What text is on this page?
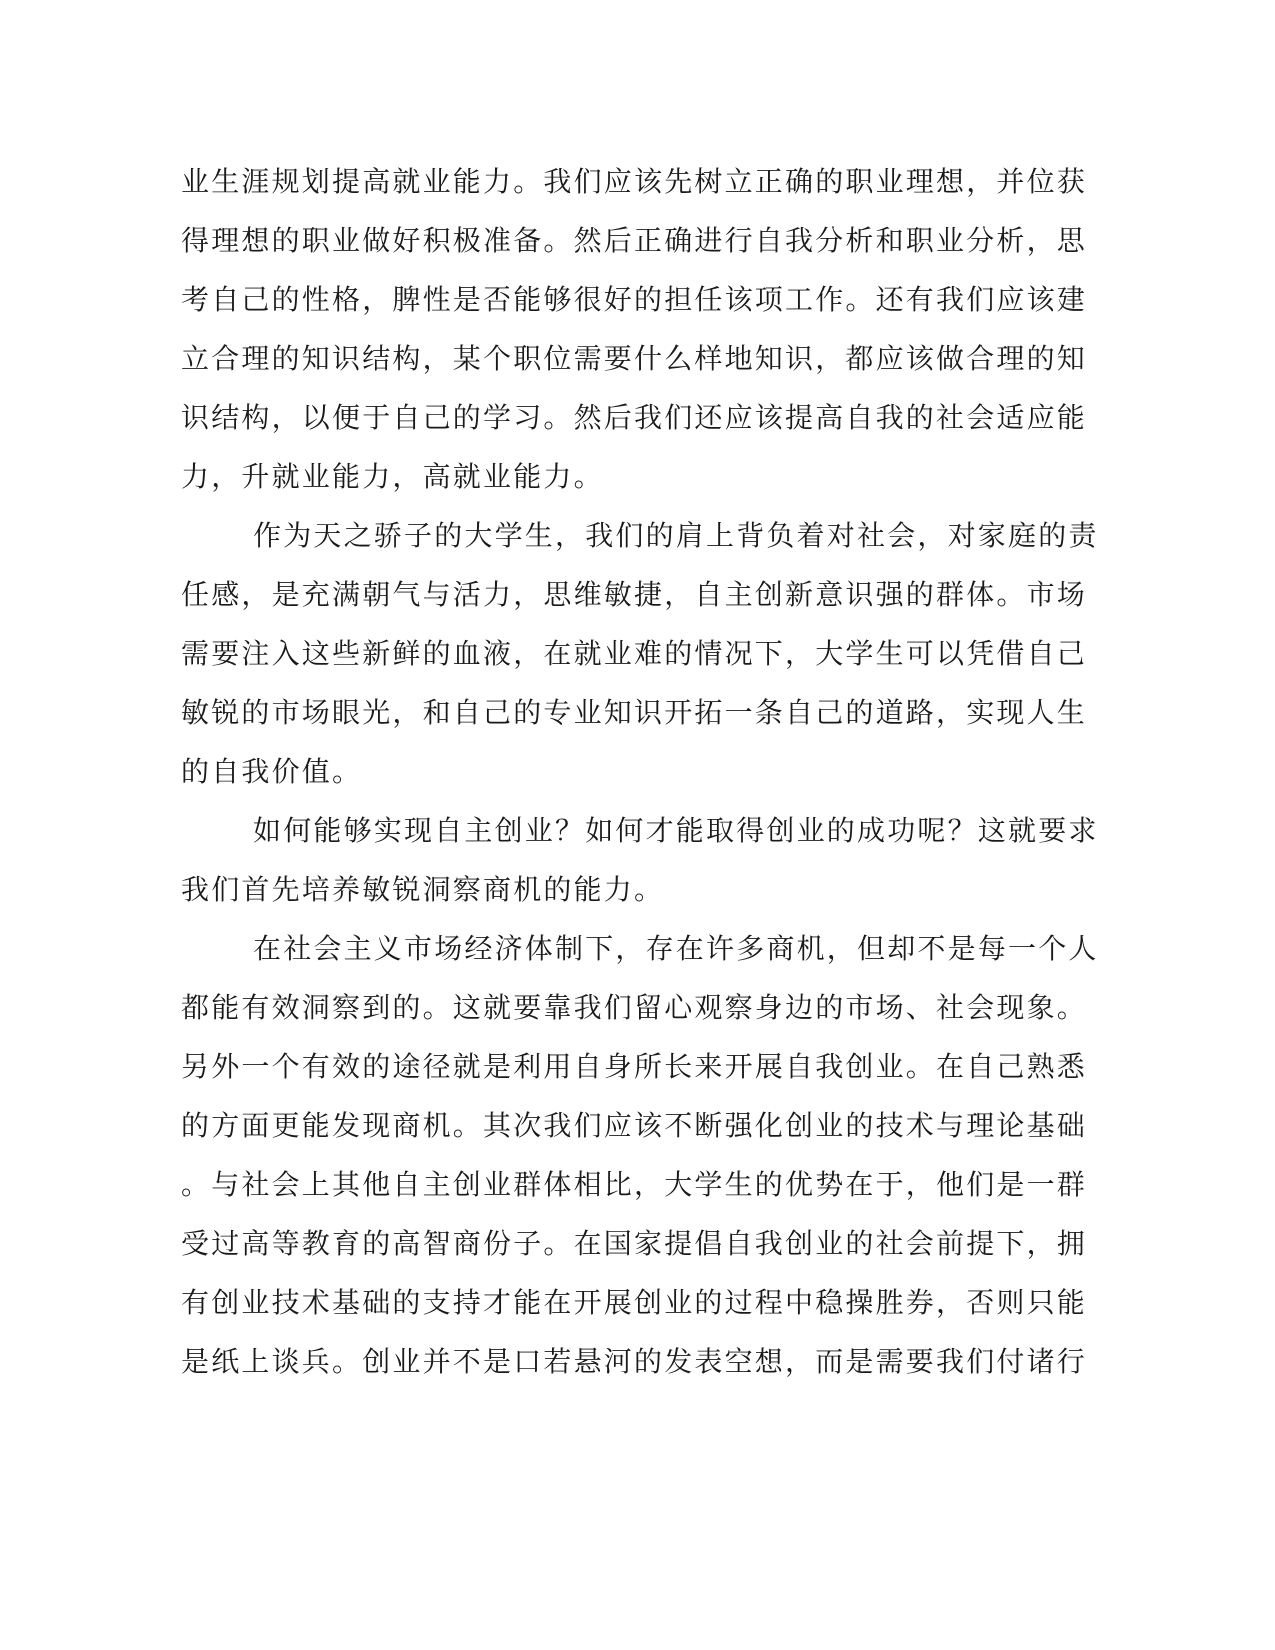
业生涯规划提高就业能力。我们应该先树立正确的职业理想，并位获
得理想的职业做好积极准备。然后正确进行自我分析和职业分析，思
考自己的性格，脾性是否能够很好的担任该项工作。还有我们应该建
立合理的知识结构，某个职位需要什么样地知识，都应该做合理的知
识结构，以便于自己的学习。然后我们还应该提高自我的社会适应能
力，升就业能力，高就业能力。
作为天之骄子的大学生，我们的肩上背负着对社会，对家庭的责
任感，是充满朝气与活力，思维敏捷，自主创新意识强的群体。市场
需要注入这些新鲜的血液，在就业难的情况下，大学生可以凭借自己
敏锐的市场眼光，和自己的专业知识开拓一条自己的道路，实现人生
的自我价值。
如何能够实现自主创业？如何才能取得创业的成功呢？这就要求
我们首先培养敏锐洞察商机的能力。
在社会主义市场经济体制下，存在许多商机，但却不是每一个人
都能有效洞察到的。这就要靠我们留心观察身边的市场、社会现象。
另外一个有效的途径就是利用自身所长来开展自我创业。在自己熟悉
的方面更能发现商机。其次我们应该不断强化创业的技术与理论基础
。与社会上其他自主创业群体相比，大学生的优势在于，他们是一群
受过高等教育的高智商份子。在国家提倡自我创业的社会前提下，拥
有创业技术基础的支持才能在开展创业的过程中稳操胜券，否则只能
是纸上谈兵。创业并不是口若悬河的发表空想，而是需要我们付诸行
